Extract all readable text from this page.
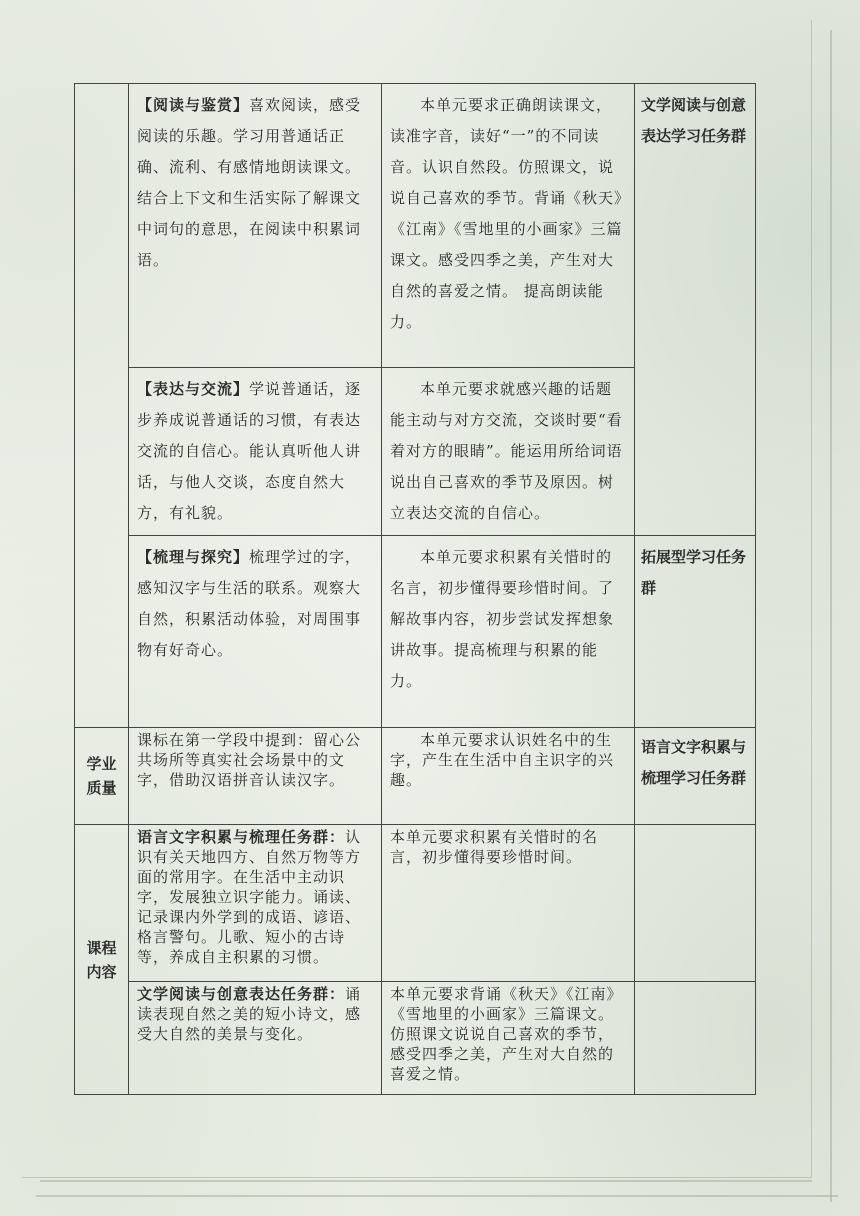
	【阅读与鉴赏】喜欢阅读，感受阅读的乐趣。学习用普通话正确、流利、有感情地朗读课文。结合上下文和生活实际了解课文中词句的意思，在阅读中积累词语。	本单元要求正确朗读课文，读准字音，读好“一”的不同读音。认识自然段。仿照课文，说说自己喜欢的季节。背诵《秋天》《江南》《雪地里的小画家》三篇课文。感受四季之美，产生对大自然的喜爱之情。 提高朗读能力。	文学阅读与创意表达学习任务群

	【表达与交流】学说普通话，逐步养成说普通话的习惯，有表达交流的自信心。能认真听他人讲话，与他人交谈，态度自然大方，有礼貌。	本单元要求就感兴趣的话题能主动与对方交流，交谈时要“看着对方的眼睛”。能运用所给词语说出自己喜欢的季节及原因。树立表达交流的自信心。	

	【梳理与探究】梳理学过的字，感知汉字与生活的联系。观察大自然，积累活动体验，对周围事物有好奇心。	本单元要求积累有关惜时的名言，初步懂得要珍惜时间。了解故事内容，初步尝试发挥想象讲故事。提高梳理与积累的能力。	拓展型学习任务群

学业质量	课标在第一学段中提到：留心公共场所等真实社会场景中的文字，借助汉语拼音认读汉字。	本单元要求认识姓名中的生字，产生在生活中自主识字的兴趣。	语言文字积累与梳理学习任务群

课程内容	语言文字积累与梳理任务群：认识有关天地四方、自然万物等方面的常用字。在生活中主动识字，发展独立识字能力。诵读、记录课内外学到的成语、谚语、格言警句。儿歌、短小的古诗等，养成自主积累的习惯。	本单元要求积累有关惜时的名言，初步懂得要珍惜时间。	

	文学阅读与创意表达任务群：诵读表现自然之美的短小诗文，感受大自然的美景与变化。	本单元要求背诵《秋天》《江南》《雪地里的小画家》三篇课文。仿照课文说说自己喜欢的季节，感受四季之美，产生对大自然的喜爱之情。	
